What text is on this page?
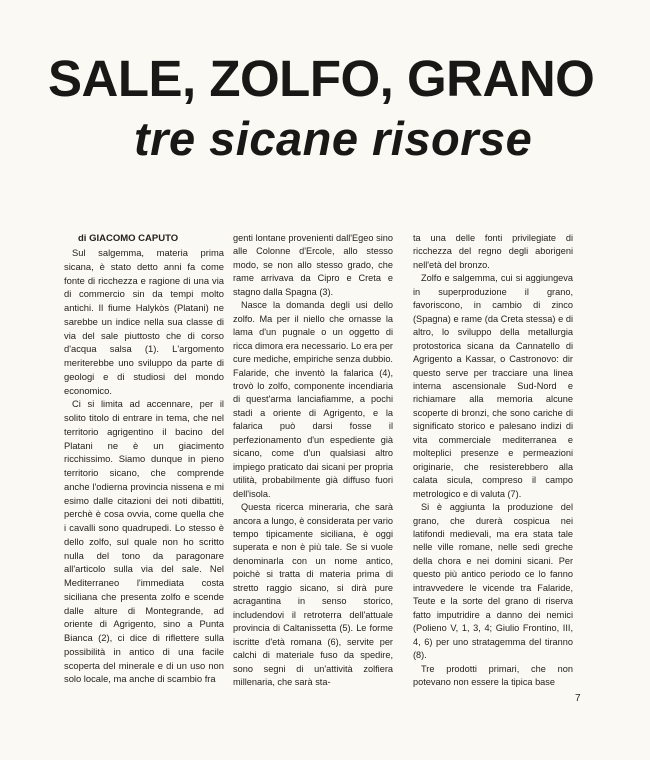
SALE, ZOLFO, GRANO
tre sicane risorse

di GIACOMO CAPUTO

Sul salgemma, materia prima sicana, è stato detto anni fa come fonte di ricchezza e ragione di una via di commercio sin da tempi molto antichi. Il fiume Halykòs (Platani) ne sarebbe un indice nella sua classe di via del sale piuttosto che di corso d'acqua salsa (1). L'argomento meriterebbe uno sviluppo da parte di geologi e di studiosi del mondo economico.

Ci si limita ad accennare, per il solito titolo di entrare in tema, che nel territorio agrigentino il bacino del Platani ne è un giacimento ricchissimo. Siamo dunque in pieno territorio sicano, che comprende anche l'odierna provincia nissena e mi esimo dalle citazioni dei noti dibattiti, perchè è cosa ovvia, come quella che i cavalli sono quadrupedi. Lo stesso è dello zolfo, sul quale non ho scritto nulla del tono da paragonare all'articolo sulla via del sale. Nel Mediterraneo l'immediata costa siciliana che presenta zolfo e scende dalle alture di Montegrande, ad oriente di Agrigento, sino a Punta Bianca (2), ci dice di riflettere sulla possibilità in antico di una facile scoperta del minerale e di un uso non solo locale, ma anche di scambio fra

genti lontane provenienti dall'Egeo sino alle Colonne d'Ercole, allo stesso modo, se non allo stesso grado, che rame arrivava da Cipro e Creta e stagno dalla Spagna (3).

Nasce la domanda degli usi dello zolfo. Ma per il niello che ornasse la lama d'un pugnale o un oggetto di ricca dimora era necessario. Lo era per cure mediche, empiriche senza dubbio. Falaride, che inventò la falarica (4), trovò lo zolfo, componente incendiaria di quest'arma lanciafiamme, a pochi stadi a oriente di Agrigento, e la falarica può darsi fosse il perfezionamento d'un espediente già sicano, come d'un qualsiasi altro impiego praticato dai sicani per propria utilità, probabilmente già diffuso fuori dell'isola.

Questa ricerca mineraria, che sarà ancora a lungo, è considerata per vario tempo tipicamente siciliana, è oggi superata e non è più tale. Se si vuole denominarla con un nome antico, poichè si tratta di materia prima di stretto raggio sicano, si dirà pure acragantina in senso storico, includendovi il retroterra dell'attuale provincia di Caltanissetta (5). Le forme iscritte d'età romana (6), servite per calchi di materiale fuso da spedire, sono segni di un'attività zolfiera millenaria, che sarà sta-

ta una delle fonti privilegiate di ricchezza del regno degli aborigeni nell'età del bronzo.

Zolfo e salgemma, cui si aggiungeva in superproduzione il grano, favoriscono, in cambio di zinco (Spagna) e rame (da Creta stessa) e di altro, lo sviluppo della metallurgia protostorica sicana da Cannatello di Agrigento a Kassar, o Castronovo: dir questo serve per tracciare una linea interna ascensionale Sud-Nord e richiamare alla memoria alcune scoperte di bronzi, che sono cariche di significato storico e palesano indizi di vita commerciale mediterranea e molteplici presenze e permeazioni originarie, che resisterebbero alla calata sicula, compreso il campo metrologico e di valuta (7).

Si è aggiunta la produzione del grano, che durerà cospicua nei latifondi medievali, ma era stata tale nelle ville romane, nelle sedi greche della chora e nei domini sicani. Per questo più antico periodo ce lo fanno intravvedere le vicende tra Falaride, Teute e la sorte del grano di riserva fatto imputridire a danno dei nemici (Polieno V, 1, 3, 4; Giulio Frontino, III, 4, 6) per uno stratagemma del tiranno (8).

Tre prodotti primari, che non potevano non essere la tipica base

7
